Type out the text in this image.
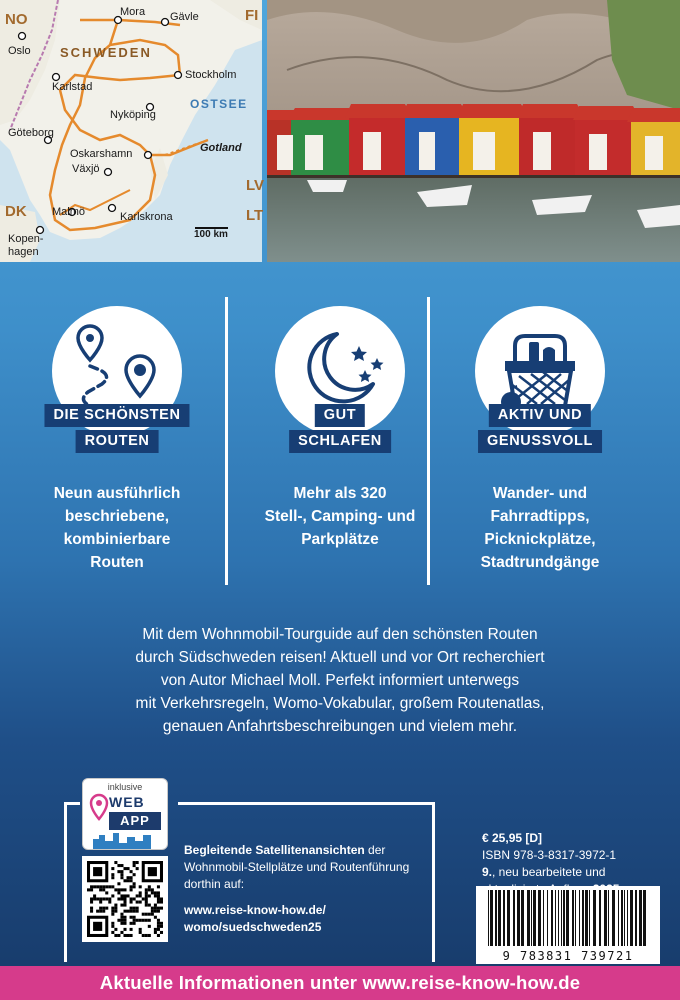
NO	FI
DK
LV
LT
SCHWEDEN
OSTSEE
Gotland
Mora Gävle
Oslo
Karlstad
Stockholm
Nyköping
Göteborg
Oskarshamn
Växjö
Malmö	Karlskrona
Kopen-
hagen
100 km
DIE SCHÖNSTEN
ROUTEN
Neun ausführlich
beschriebene,
kombinierbare
Routen
GUT
SCHLAFEN
Mehr als 320
Stell-, Camping- und
Parkplätze
AKTIV UND
GENUSSVOLL
Wander- und
Fahrradtipps,
Picknickplätze,
Stadtrundgänge
Mit dem Wohnmobil-Tourguide auf den schönsten Routen
durch Südschweden reisen! Aktuell und vor Ort recherchiert
von Autor Michael Moll. Perfekt informiert unterwegs
mit Verkehrsregeln, Womo-Vokabular, großem Routenatlas,
genauen Anfahrtsbeschreibungen und vielem mehr.
inklusive
WEB
APP
Begleitende Satellitenansichten der
Wohnmobil-Stellplätze und Routenführung
dorthin auf:
www.reise-know-how.de/
womo/suedschweden25
€ 25,95 [D]
ISBN 978-3-8317-3972-1
9., neu bearbeitete und
9 783831 739721
Aktuelle Informationen unter www.reise-know-how.de
